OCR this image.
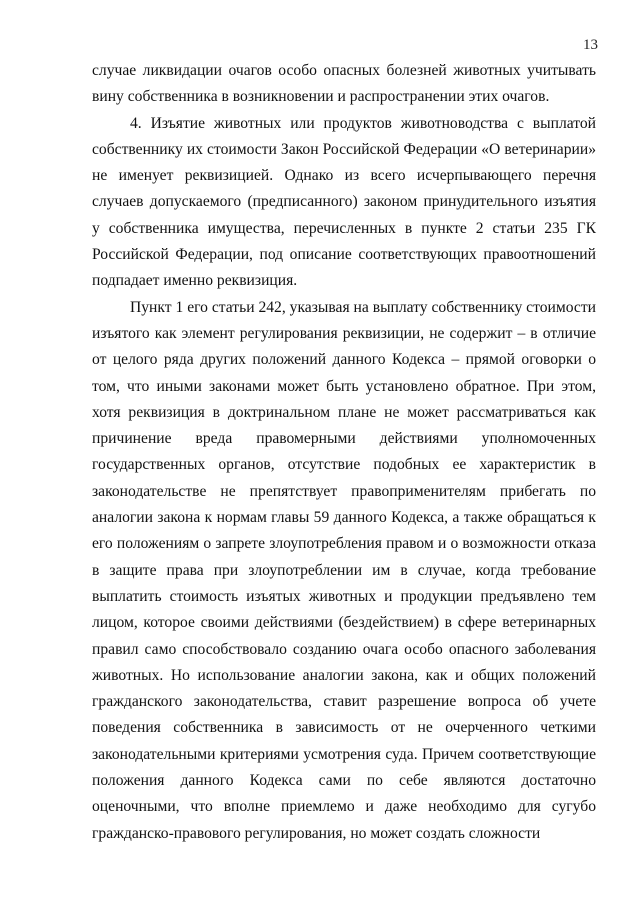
13

случае ликвидации очагов особо опасных болезней животных учитывать вину собственника в возникновении и распространении этих очагов.

4. Изъятие животных или продуктов животноводства с выплатой собственнику их стоимости Закон Российской Федерации «О ветеринарии» не именует реквизицией. Однако из всего исчерпывающего перечня случаев допускаемого (предписанного) законом принудительного изъятия у собственника имущества, перечисленных в пункте 2 статьи 235 ГК Российской Федерации, под описание соответствующих правоотношений подпадает именно реквизиция.

Пункт 1 его статьи 242, указывая на выплату собственнику стоимости изъятого как элемент регулирования реквизиции, не содержит – в отличие от целого ряда других положений данного Кодекса – прямой оговорки о том, что иными законами может быть установлено обратное. При этом, хотя реквизиция в доктринальном плане не может рассматриваться как причинение вреда правомерными действиями уполномоченных государственных органов, отсутствие подобных ее характеристик в законодательстве не препятствует правоприменителям прибегать по аналогии закона к нормам главы 59 данного Кодекса, а также обращаться к его положениям о запрете злоупотребления правом и о возможности отказа в защите права при злоупотреблении им в случае, когда требование выплатить стоимость изъятых животных и продукции предъявлено тем лицом, которое своими действиями (бездействием) в сфере ветеринарных правил само способствовало созданию очага особо опасного заболевания животных. Но использование аналогии закона, как и общих положений гражданского законодательства, ставит разрешение вопроса об учете поведения собственника в зависимость от не очерченного четкими законодательными критериями усмотрения суда. Причем соответствующие положения данного Кодекса сами по себе являются достаточно оценочными, что вполне приемлемо и даже необходимо для сугубо гражданско-правового регулирования, но может создать сложности
